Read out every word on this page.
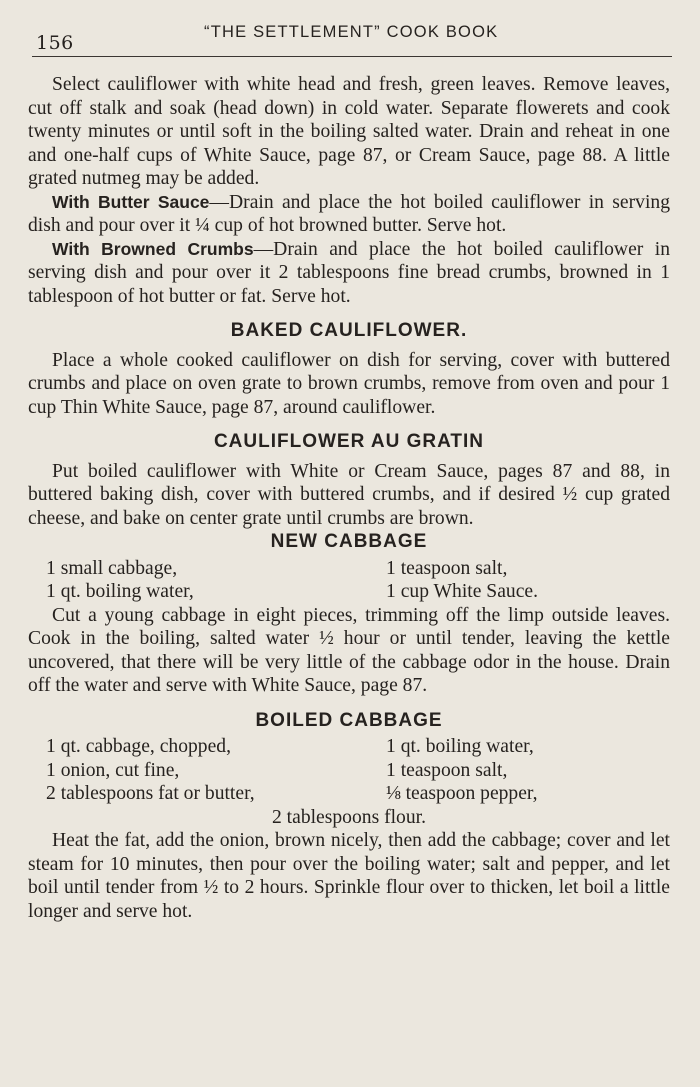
156	“THE SETTLEMENT” COOK BOOK

Select cauliflower with white head and fresh, green leaves. Remove leaves, cut off stalk and soak (head down) in cold water. Separate flowerets and cook twenty minutes or until soft in the boiling salted water. Drain and reheat in one and one-half cups of White Sauce, page 87, or Cream Sauce, page 88. A little grated nutmeg may be added.

With Butter Sauce—Drain and place the hot boiled cauliflower in serving dish and pour over it ¼ cup of hot browned butter. Serve hot.

With Browned Crumbs—Drain and place the hot boiled cauliflower in serving dish and pour over it 2 tablespoons fine bread crumbs, browned in 1 tablespoon of hot butter or fat. Serve hot.

BAKED CAULIFLOWER.

Place a whole cooked cauliflower on dish for serving, cover with buttered crumbs and place on oven grate to brown crumbs, remove from oven and pour 1 cup Thin White Sauce, page 87, around cauliflower.

CAULIFLOWER AU GRATIN

Put boiled cauliflower with White or Cream Sauce, pages 87 and 88, in buttered baking dish, cover with buttered crumbs, and if desired ½ cup grated cheese, and bake on center grate until crumbs are brown.

NEW CABBAGE
1 small cabbage,	1 teaspoon salt,
1 qt. boiling water,	1 cup White Sauce.

Cut a young cabbage in eight pieces, trimming off the limp outside leaves. Cook in the boiling, salted water ½ hour or until tender, leaving the kettle uncovered, that there will be very little of the cabbage odor in the house. Drain off the water and serve with White Sauce, page 87.

BOILED CABBAGE
1 qt. cabbage, chopped,	1 qt. boiling water,
1 onion, cut fine,	1 teaspoon salt,
2 tablespoons fat or butter,	⅛ teaspoon pepper,

2 tablespoons flour.

Heat the fat, add the onion, brown nicely, then add the cabbage; cover and let steam for 10 minutes, then pour over the boiling water; salt and pepper, and let boil until tender from ½ to 2 hours. Sprinkle flour over to thicken, let boil a little longer and serve hot.
